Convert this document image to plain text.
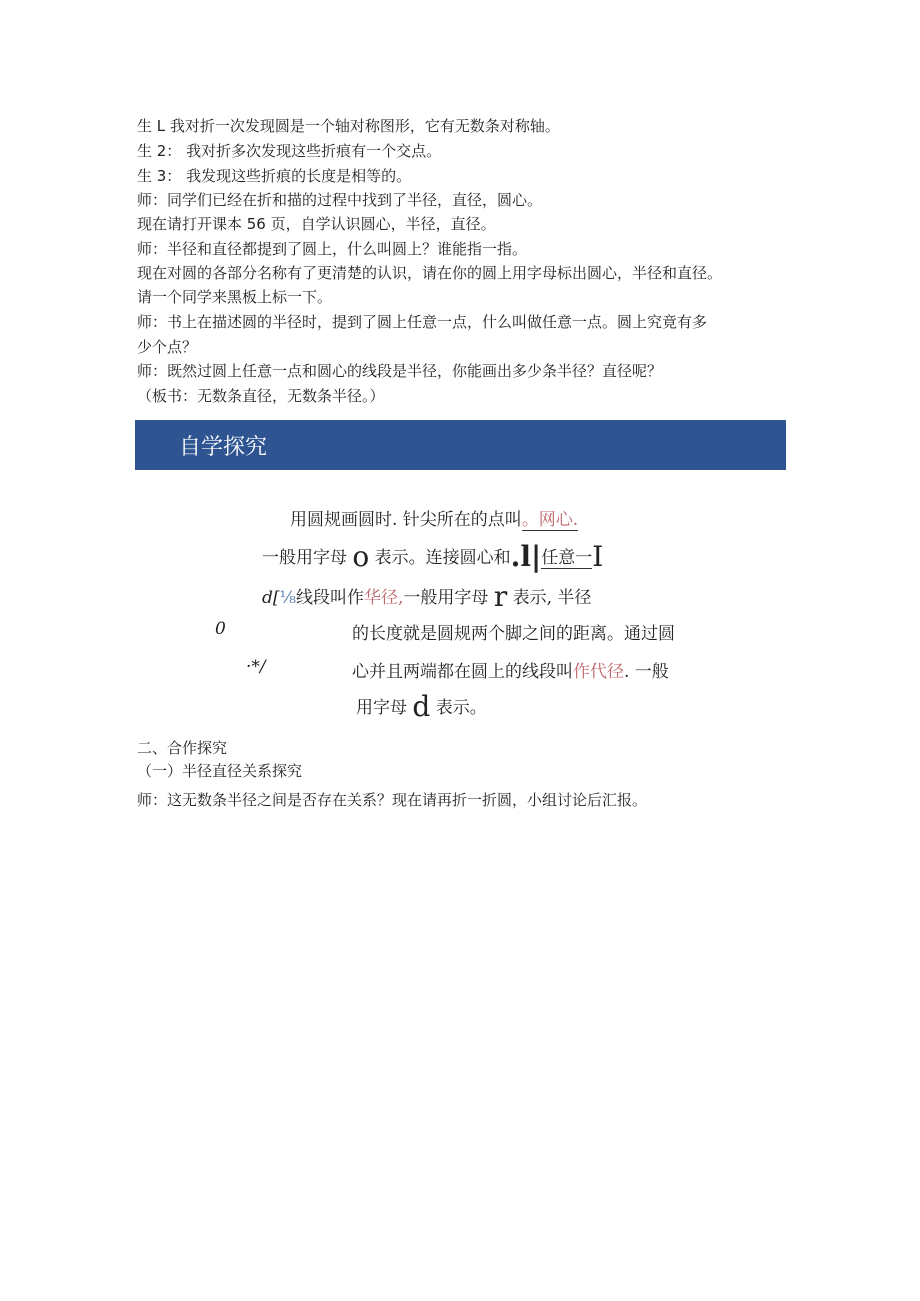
生 L 我对折一次发现圆是一个轴对称图形，它有无数条对称轴。
生 2： 我对折多次发现这些折痕有一个交点。
生 3： 我发现这些折痕的长度是相等的。
师：同学们已经在折和描的过程中找到了半径，直径，圆心。
现在请打开课本 56 页，自学认识圆心，半径，直径。
师：半径和直径都提到了圆上，什么叫圆上？谁能指一指。
现在对圆的各部分名称有了更清楚的认识，请在你的圆上用字母标出圆心，半径和直径。
请一个同学来黑板上标一下。
师：书上在描述圆的半径时，提到了圆上任意一点，什么叫做任意一点。圆上究竟有多
少个点？
师：既然过圆上任意一点和圆心的线段是半径，你能画出多少条半径？直径呢？
（板书：无数条直径，无数条半径。）
自学探究
用圆规画圆时. 针尖所在的点叫。网心.
一般用字母 o 表示。连接圆心和.l|任意一I
d[⅛线段叫作华径,一般用字母 r 表示, 半径
0	的长度就是圆规两个脚之间的距离。通过圆
·*/	心并且两端都在圆上的线段叫作代径. 一般
用字母 d 表示。
二、合作探究
（一）半径直径关系探究
师：这无数条半径之间是否存在关系？现在请再折一折圆，小组讨论后汇报。
